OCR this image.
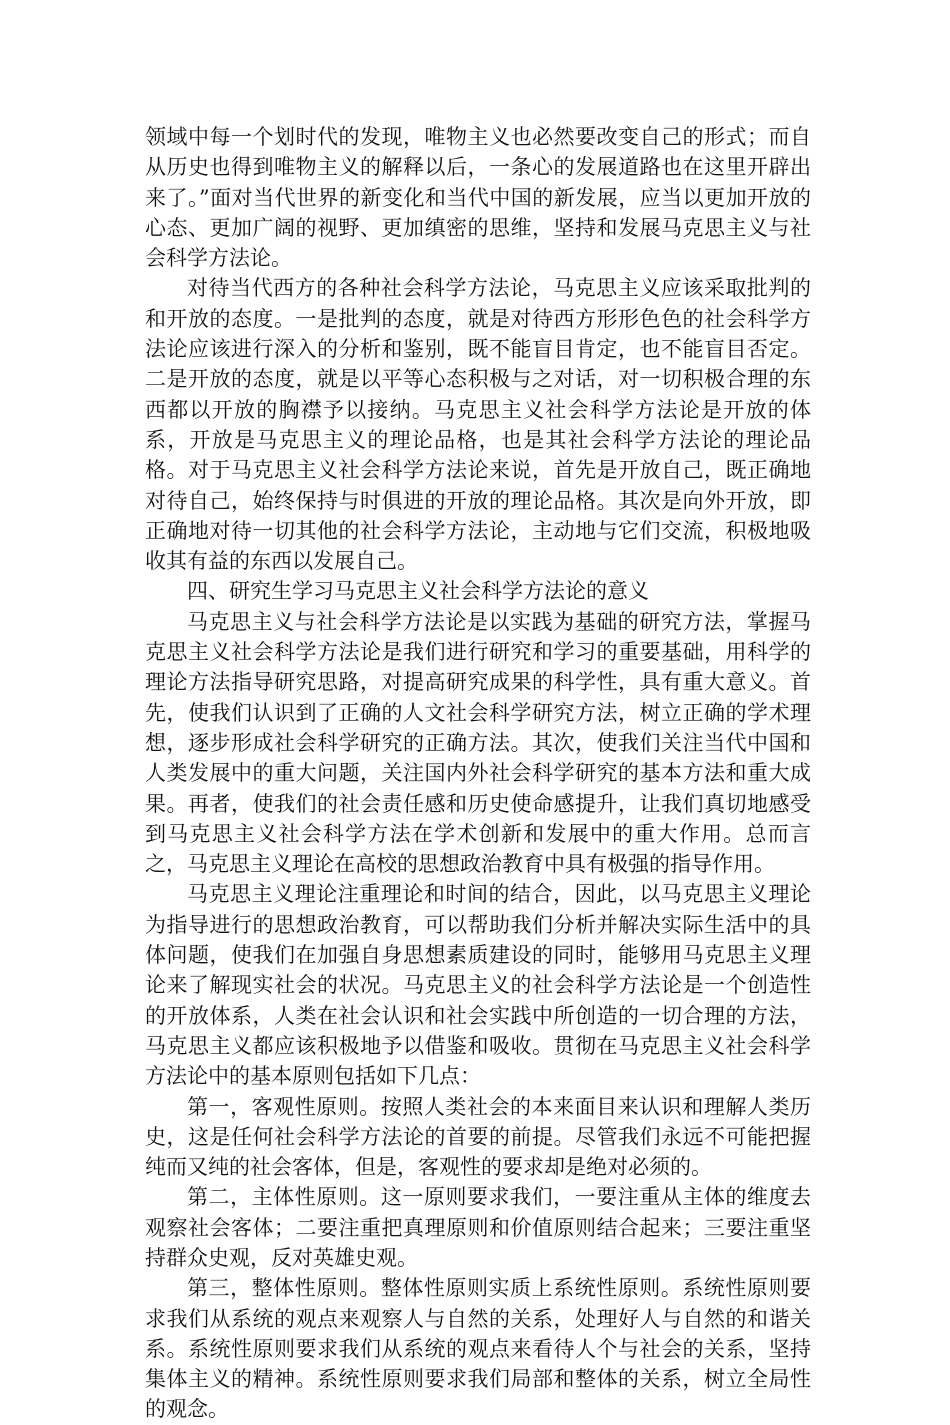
领域中每一个划时代的发现，唯物主义也必然要改变自己的形式；而自从历史也得到唯物主义的解释以后，一条心的发展道路也在这里开辟出来了。”面对当代世界的新变化和当代中国的新发展，应当以更加开放的心态、更加广阔的视野、更加缜密的思维，坚持和发展马克思主义与社会科学方法论。

对待当代西方的各种社会科学方法论，马克思主义应该采取批判的和开放的态度。一是批判的态度，就是对待西方形形色色的社会科学方法论应该进行深入的分析和鉴别，既不能盲目肯定，也不能盲目否定。二是开放的态度，就是以平等心态积极与之对话，对一切积极合理的东西都以开放的胸襟予以接纳。马克思主义社会科学方法论是开放的体系，开放是马克思主义的理论品格，也是其社会科学方法论的理论品格。对于马克思主义社会科学方法论来说，首先是开放自己，既正确地对待自己，始终保持与时俱进的开放的理论品格。其次是向外开放，即正确地对待一切其他的社会科学方法论，主动地与它们交流，积极地吸收其有益的东西以发展自己。

四、研究生学习马克思主义社会科学方法论的意义

马克思主义与社会科学方法论是以实践为基础的研究方法，掌握马克思主义社会科学方法论是我们进行研究和学习的重要基础，用科学的理论方法指导研究思路，对提高研究成果的科学性，具有重大意义。首先，使我们认识到了正确的人文社会科学研究方法，树立正确的学术理想，逐步形成社会科学研究的正确方法。其次，使我们关注当代中国和人类发展中的重大问题，关注国内外社会科学研究的基本方法和重大成果。再者，使我们的社会责任感和历史使命感提升，让我们真切地感受到马克思主义社会科学方法在学术创新和发展中的重大作用。总而言之，马克思主义理论在高校的思想政治教育中具有极强的指导作用。

马克思主义理论注重理论和时间的结合，因此，以马克思主义理论为指导进行的思想政治教育，可以帮助我们分析并解决实际生活中的具体问题，使我们在加强自身思想素质建设的同时，能够用马克思主义理论来了解现实社会的状况。马克思主义的社会科学方法论是一个创造性的开放体系，人类在社会认识和社会实践中所创造的一切合理的方法，马克思主义都应该积极地予以借鉴和吸收。贯彻在马克思主义社会科学方法论中的基本原则包括如下几点：

第一，客观性原则。按照人类社会的本来面目来认识和理解人类历史，这是任何社会科学方法论的首要的前提。尽管我们永远不可能把握纯而又纯的社会客体，但是，客观性的要求却是绝对必须的。

第二，主体性原则。这一原则要求我们，一要注重从主体的维度去观察社会客体；二要注重把真理原则和价值原则结合起来；三要注重坚持群众史观，反对英雄史观。

第三，整体性原则。整体性原则实质上系统性原则。系统性原则要求我们从系统的观点来观察人与自然的关系，处理好人与自然的和谐关系。系统性原则要求我们从系统的观点来看待人个与社会的关系，坚持集体主义的精神。系统性原则要求我们局部和整体的关系，树立全局性的观念。
